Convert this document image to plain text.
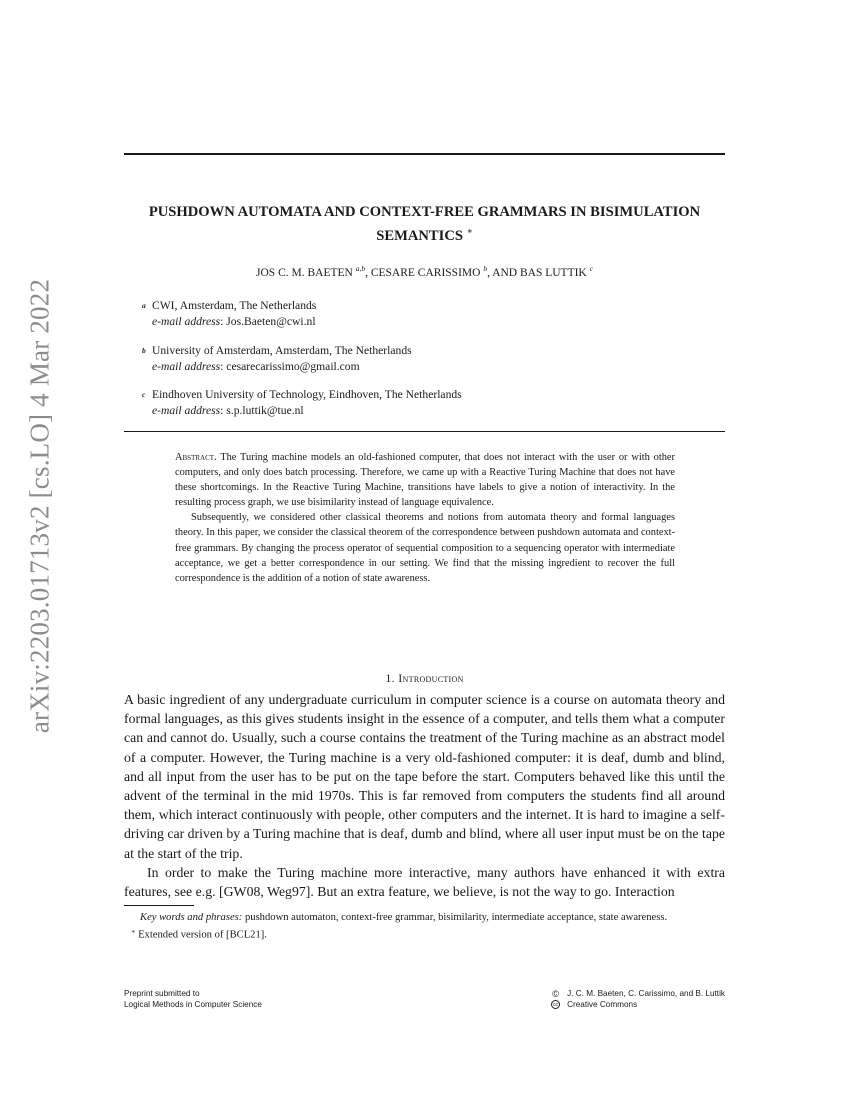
arXiv:2203.01713v2 [cs.LO] 4 Mar 2022
PUSHDOWN AUTOMATA AND CONTEXT-FREE GRAMMARS IN BISIMULATION SEMANTICS ∗
JOS C. M. BAETEN $^{a,b}$, CESARE CARISSIMO $^b$, AND BAS LUTTIK $^c$
a CWI, Amsterdam, The Netherlands
e-mail address: Jos.Baeten@cwi.nl
b University of Amsterdam, Amsterdam, The Netherlands
e-mail address: cesarecarissimo@gmail.com
c Eindhoven University of Technology, Eindhoven, The Netherlands
e-mail address: s.p.luttik@tue.nl

Abstract. The Turing machine models an old-fashioned computer, that does not interact with the user or with other computers, and only does batch processing. Therefore, we came up with a Reactive Turing Machine that does not have these shortcomings. In the Reactive Turing Machine, transitions have labels to give a notion of interactivity. In the resulting process graph, we use bisimilarity instead of language equivalence.

Subsequently, we considered other classical theorems and notions from automata theory and formal languages theory. In this paper, we consider the classical theorem of the correspondence between pushdown automata and context-free grammars. By changing the process operator of sequential composition to a sequencing operator with intermediate acceptance, we get a better correspondence in our setting. We find that the missing ingredient to recover the full correspondence is the addition of a notion of state awareness.

1. Introduction

A basic ingredient of any undergraduate curriculum in computer science is a course on automata theory and formal languages, as this gives students insight in the essence of a computer, and tells them what a computer can and cannot do. Usually, such a course contains the treatment of the Turing machine as an abstract model of a computer. However, the Turing machine is a very old-fashioned computer: it is deaf, dumb and blind, and all input from the user has to be put on the tape before the start. Computers behaved like this until the advent of the terminal in the mid 1970s. This is far removed from computers the students find all around them, which interact continuously with people, other computers and the internet. It is hard to imagine a self-driving car driven by a Turing machine that is deaf, dumb and blind, where all user input must be on the tape at the start of the trip.

In order to make the Turing machine more interactive, many authors have enhanced it with extra features, see e.g. [GW08, Weg97]. But an extra feature, we believe, is not the way to go. Interaction

Key words and phrases: pushdown automaton, context-free grammar, bisimilarity, intermediate acceptance, state awareness.

∗ Extended version of [BCL21].

Preprint submitted to
Logical Methods in Computer Science
© J. C. M. Baeten, C. Carissimo, and B. Luttik
cc Creative Commons
